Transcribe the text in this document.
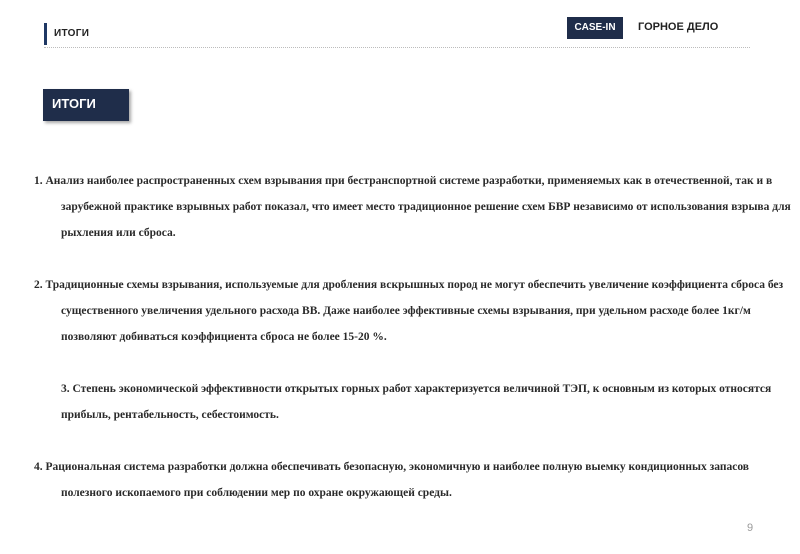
ИТОГИ
CASE-IN	ГОРНОЕ ДЕЛО
ИТОГИ

1. Анализ наиболее распространенных схем взрывания при бестранспортной системе разработки, применяемых как в отечественной, так и в зарубежной практике взрывных работ показал, что имеет место традиционное решение схем БВР независимо от использования взрыва для рыхления или сброса.

2. Традиционные схемы взрывания, используемые для дробления вскрышных пород не могут обеспечить увеличение коэффициента сброса без существенного увеличения удельного расхода ВВ. Даже наиболее эффективные схемы взрывания, при удельном расходе более 1кг/м позволяют добиваться коэффициента сброса не более 15-20 %.

3. Степень экономической эффективности открытых горных работ характеризуется величиной ТЭП, к основным из которых относятся прибыль, рентабельность, себестоимость.

4. Рациональная система разработки должна обеспечивать безопасную, экономичную и наиболее полную выемку кондиционных запасов полезного ископаемого при соблюдении мер по охране окружающей среды.

9
